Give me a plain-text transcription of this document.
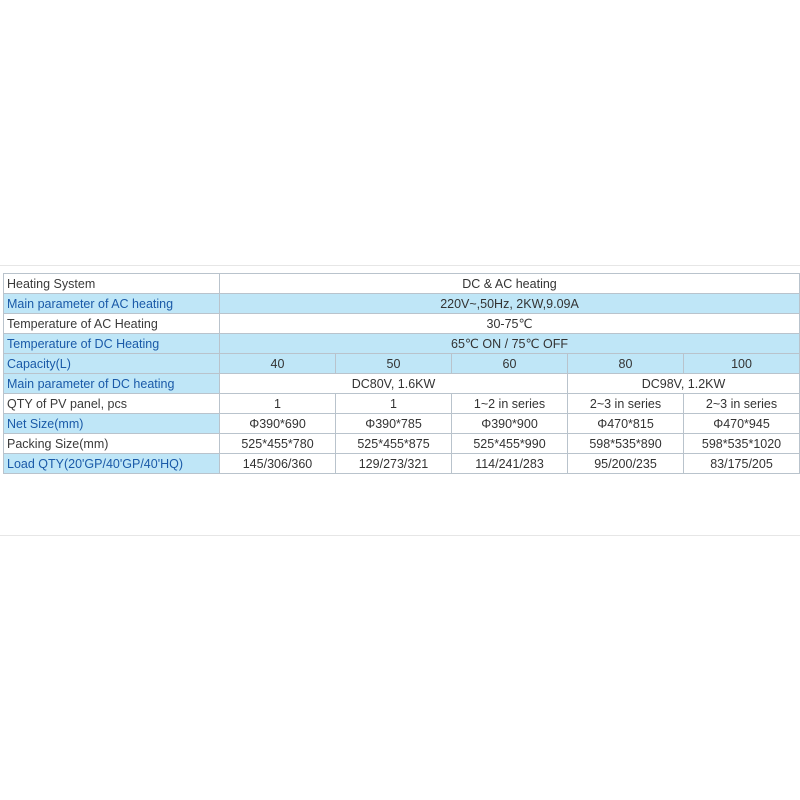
Heating System	DC & AC heating				
Main parameter of AC heating	220V~,50Hz, 2KW,9.09A				
Temperature of AC Heating	30-75℃				
Temperature of DC Heating	65℃ ON / 75℃ OFF				
Capacity(L)	40	50	60	80	100
Main parameter of DC heating	DC80V, 1.6KW			DC98V, 1.2KW	
QTY of PV panel, pcs	1	1	1~2 in series	2~3 in series	2~3 in series
Net Size(mm)	Φ390*690	Φ390*785	Φ390*900	Φ470*815	Φ470*945
Packing Size(mm)	525*455*780	525*455*875	525*455*990	598*535*890	598*535*1020
Load QTY(20'GP/40'GP/40'HQ)	145/306/360	129/273/321	114/241/283	95/200/235	83/175/205
